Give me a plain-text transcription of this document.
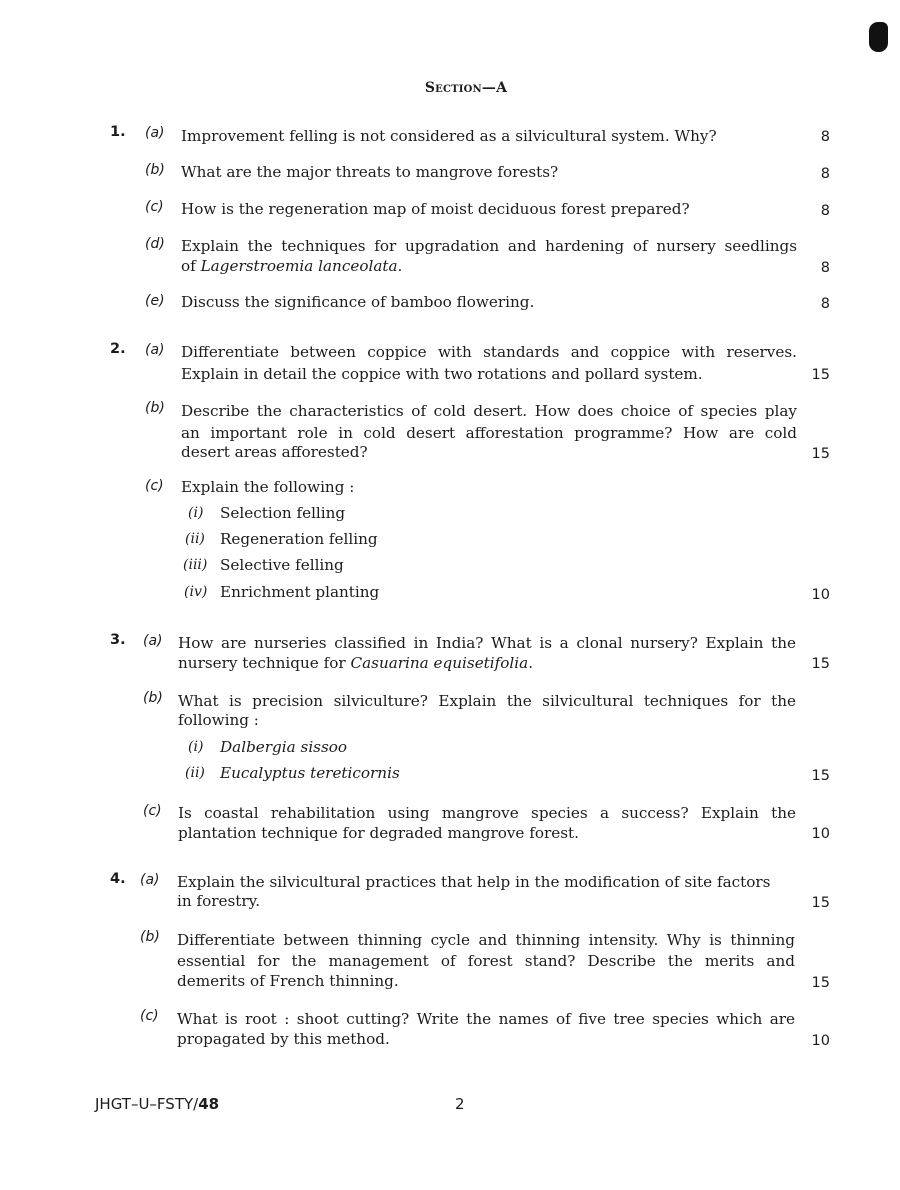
Section—A
1. (a) Improvement felling is not considered as a silvicultural system. Why?	8
(b) What are the major threats to mangrove forests?	8
(c) How is the regeneration map of moist deciduous forest prepared?	8
(d) Explain the techniques for upgradation and hardening of nursery seedlings
of Lagerstroemia lanceolata.	8
(e) Discuss the significance of bamboo flowering.	8
2. (a) Differentiate between coppice with standards and coppice with reserves.
Explain in detail the coppice with two rotations and pollard system.	15
(b) Describe the characteristics of cold desert. How does choice of species play
an important role in cold desert afforestation programme? How are cold
desert areas afforested?	15
(c) Explain the following :
(i) Selection felling
(ii) Regeneration felling
(iii) Selective felling
(iv) Enrichment planting	10
3. (a) How are nurseries classified in India? What is a clonal nursery? Explain the
nursery technique for Casuarina equisetifolia.	15
(b) What is precision silviculture? Explain the silvicultural techniques for the
following :
(i) Dalbergia sissoo
(ii) Eucalyptus tereticornis	15
(c) Is coastal rehabilitation using mangrove species a success? Explain the
plantation technique for degraded mangrove forest.	10
4. (a) Explain the silvicultural practices that help in the modification of site factors
in forestry.	15
(b) Differentiate between thinning cycle and thinning intensity. Why is thinning
essential for the management of forest stand? Describe the merits and
demerits of French thinning.	15
(c) What is root : shoot cutting? Write the names of five tree species which are
propagated by this method.	10
JHGT–U–FSTY/48	2
